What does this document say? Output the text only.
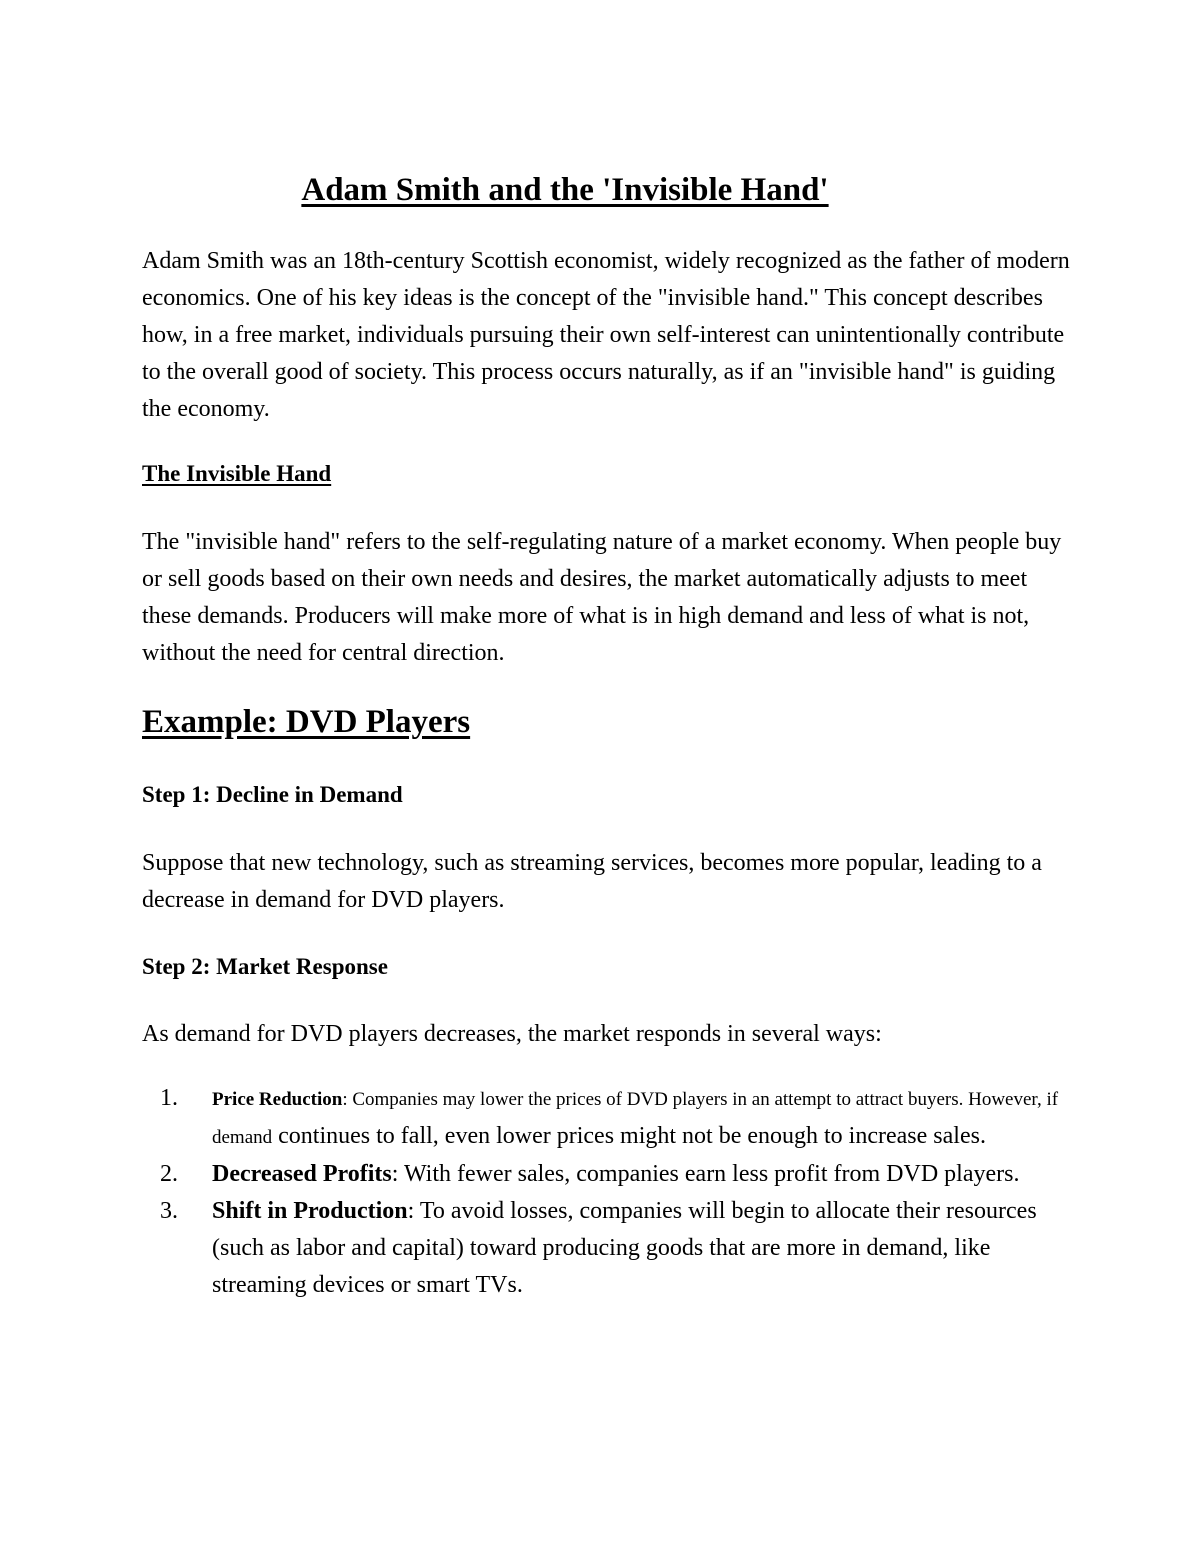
Adam Smith and the 'Invisible Hand'

Adam Smith was an 18th-century Scottish economist, widely recognized as the father of modern economics. One of his key ideas is the concept of the "invisible hand." This concept describes how, in a free market, individuals pursuing their own self-interest can unintentionally contribute to the overall good of society. This process occurs naturally, as if an "invisible hand" is guiding the economy.

The Invisible Hand

The "invisible hand" refers to the self-regulating nature of a market economy. When people buy or sell goods based on their own needs and desires, the market automatically adjusts to meet these demands. Producers will make more of what is in high demand and less of what is not, without the need for central direction.

Example: DVD Players
Step 1: Decline in Demand

Suppose that new technology, such as streaming services, becomes more popular, leading to a decrease in demand for DVD players.

Step 2: Market Response

As demand for DVD players decreases, the market responds in several ways:

1. Price Reduction: Companies may lower the prices of DVD players in an attempt to attract buyers. However, if demand continues to fall, even lower prices might not be enough to increase sales.
2. Decreased Profits: With fewer sales, companies earn less profit from DVD players.
3. Shift in Production: To avoid losses, companies will begin to allocate their resources (such as labor and capital) toward producing goods that are more in demand, like streaming devices or smart TVs.
